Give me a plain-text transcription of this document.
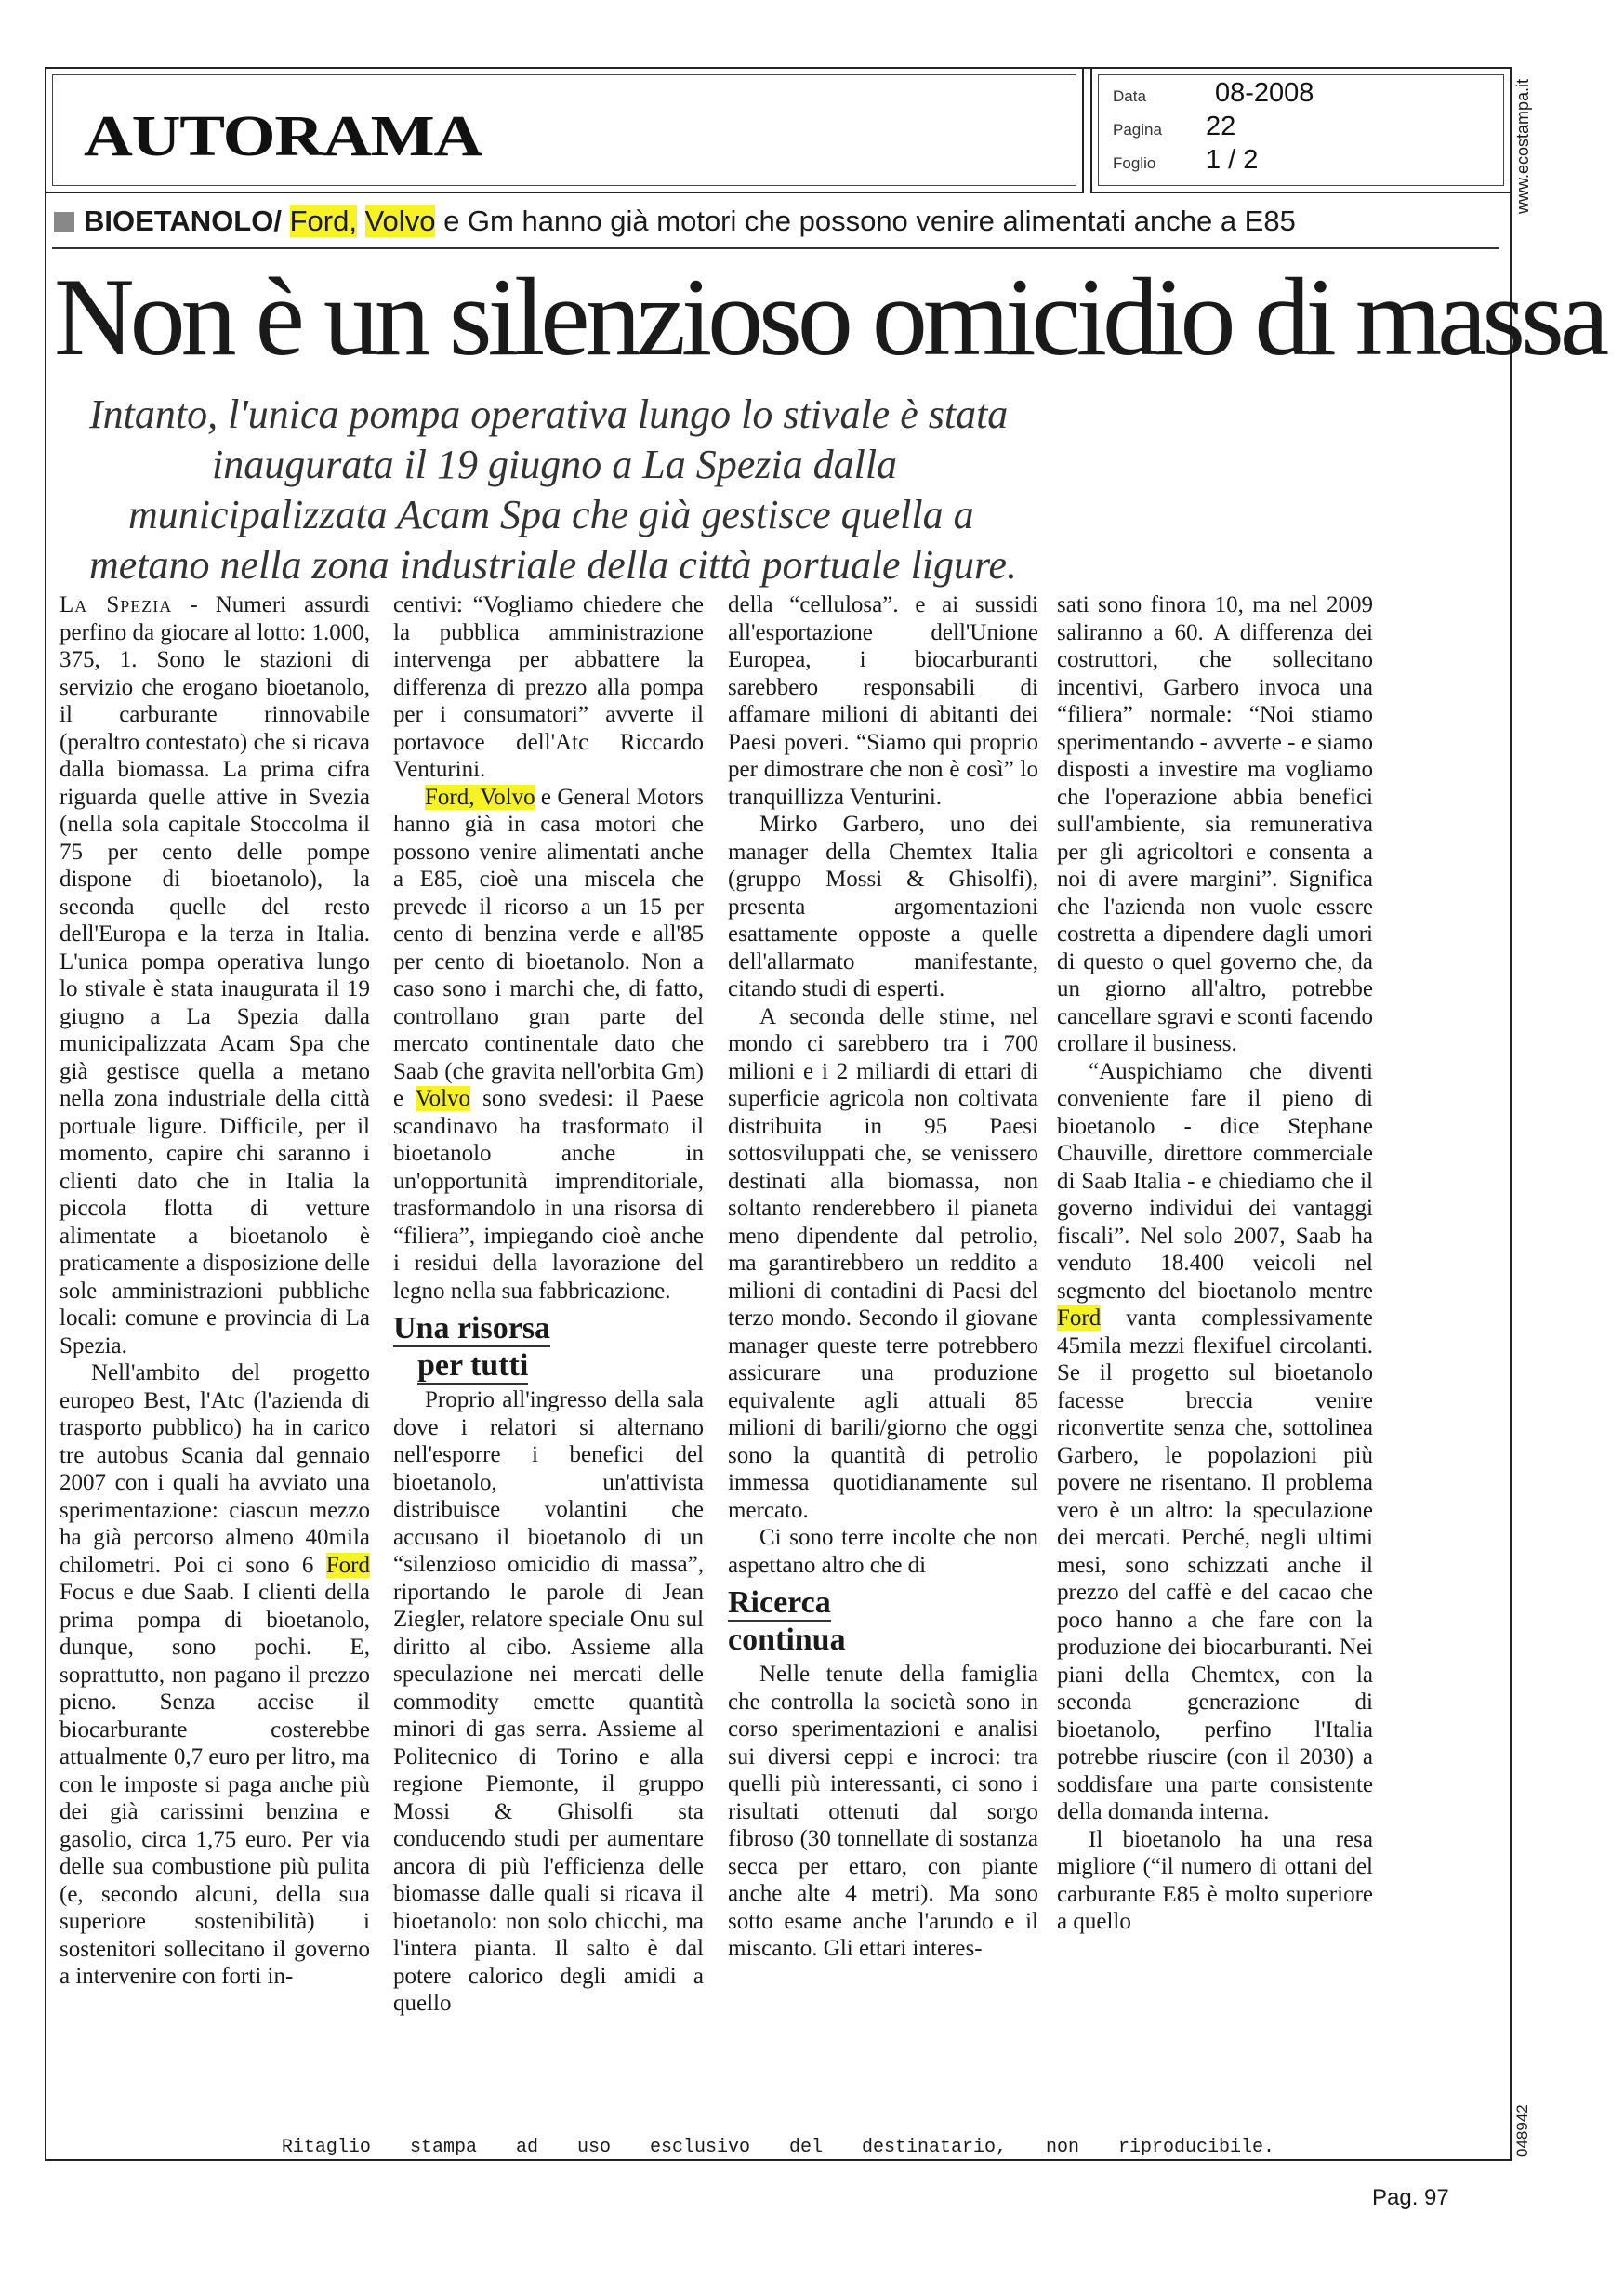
AUTORAMA
Data	08-2008
Pagina 22
Foglio 1 / 2
BIOETANOLO/ Ford, Volvo e Gm hanno già motori che possono venire alimentati anche a E85
Non è un silenzioso omicidio di massa
Intanto, l'unica pompa operativa lungo lo stivale è stata
inaugurata il 19 giugno a La Spezia dalla
municipalizzata Acam Spa che già gestisce quella a
metano nella zona industriale della città portuale ligure.

La Spezia - Numeri assurdi perfino da giocare al lotto: 1.000, 375, 1. Sono le stazioni di servizio che erogano bioetanolo, il carburante rinnovabile (peraltro contestato) che si ricava dalla biomassa. La prima cifra riguarda quelle attive in Svezia (nella sola capitale Stoccolma il 75 per cento delle pompe dispone di bioetanolo), la seconda quelle del resto dell'Europa e la terza in Italia. L'unica pompa operativa lungo lo stivale è stata inaugurata il 19 giugno a La Spezia dalla municipalizzata Acam Spa che già gestisce quella a metano nella zona industriale della città portuale ligure. Difficile, per il momento, capire chi saranno i clienti dato che in Italia la piccola flotta di vetture alimentate a bioetanolo è praticamente a disposizione delle sole amministrazioni pubbliche locali: comune e provincia di La Spezia.

Nell'ambito del progetto europeo Best, l'Atc (l'azienda di trasporto pubblico) ha in carico tre autobus Scania dal gennaio 2007 con i quali ha avviato una sperimentazione: ciascun mezzo ha già percorso almeno 40mila chilometri. Poi ci sono 6 Ford Focus e due Saab. I clienti della prima pompa di bioetanolo, dunque, sono pochi. E, soprattutto, non pagano il prezzo pieno. Senza accise il biocarburante costerebbe attualmente 0,7 euro per litro, ma con le imposte si paga anche più dei già carissimi benzina e gasolio, circa 1,75 euro. Per via delle sua combustione più pulita (e, secondo alcuni, della sua superiore sostenibilità) i sostenitori sollecitano il governo a intervenire con forti in-

centivi: “Vogliamo chiedere che la pubblica amministrazione intervenga per abbattere la differenza di prezzo alla pompa per i consumatori” avverte il portavoce dell'Atc Riccardo Venturini.

Ford, Volvo e General Motors hanno già in casa motori che possono venire alimentati anche a E85, cioè una miscela che prevede il ricorso a un 15 per cento di benzina verde e all'85 per cento di bioetanolo. Non a caso sono i marchi che, di fatto, controllano gran parte del mercato continentale dato che Saab (che gravita nell'orbita Gm) e Volvo sono svedesi: il Paese scandinavo ha trasformato il bioetanolo anche in un'opportunità imprenditoriale, trasformandolo in una risorsa di “filiera”, impiegando cioè anche i residui della lavorazione del legno nella sua fabbricazione.

Una risorsa
per tutti

Proprio all'ingresso della sala dove i relatori si alternano nell'esporre i benefici del bioetanolo, un'attivista distribuisce volantini che accusano il bioetanolo di un “silenzioso omicidio di massa”, riportando le parole di Jean Ziegler, relatore speciale Onu sul diritto al cibo. Assieme alla speculazione nei mercati delle commodity emette quantità minori di gas serra. Assieme al Politecnico di Torino e alla regione Piemonte, il gruppo Mossi & Ghisolfi sta conducendo studi per aumentare ancora di più l'efficienza delle biomasse dalle quali si ricava il bioetanolo: non solo chicchi, ma l'intera pianta. Il salto è dal potere calorico degli amidi a quello

della “cellulosa”. e ai sussidi all'esportazione dell'Unione Europea, i biocarburanti sarebbero responsabili di affamare milioni di abitanti dei Paesi poveri. “Siamo qui proprio per dimostrare che non è così” lo tranquillizza Venturini.

Mirko Garbero, uno dei manager della Chemtex Italia (gruppo Mossi & Ghisolfi), presenta argomentazioni esattamente opposte a quelle dell'allarmato manifestante, citando studi di esperti.

A seconda delle stime, nel mondo ci sarebbero tra i 700 milioni e i 2 miliardi di ettari di superficie agricola non coltivata distribuita in 95 Paesi sottosviluppati che, se venissero destinati alla biomassa, non soltanto renderebbero il pianeta meno dipendente dal petrolio, ma garantirebbero un reddito a milioni di contadini di Paesi del terzo mondo. Secondo il giovane manager queste terre potrebbero assicurare una produzione equivalente agli attuali 85 milioni di barili/giorno che oggi sono la quantità di petrolio immessa quotidianamente sul mercato.

Ci sono terre incolte che non aspettano altro che di

Ricerca
continua

Nelle tenute della famiglia che controlla la società sono in corso sperimentazioni e analisi sui diversi ceppi e incroci: tra quelli più interessanti, ci sono i risultati ottenuti dal sorgo fibroso (30 tonnellate di sostanza secca per ettaro, con piante anche alte 4 metri). Ma sono sotto esame anche l'arundo e il miscanto. Gli ettari interes-

sati sono finora 10, ma nel 2009 saliranno a 60. A differenza dei costruttori, che sollecitano incentivi, Garbero invoca una “filiera” normale: “Noi stiamo sperimentando - avverte - e siamo disposti a investire ma vogliamo che l'operazione abbia benefici sull'ambiente, sia remunerativa per gli agricoltori e consenta a noi di avere margini”. Significa che l'azienda non vuole essere costretta a dipendere dagli umori di questo o quel governo che, da un giorno all'altro, potrebbe cancellare sgravi e sconti facendo crollare il business.

“Auspichiamo che diventi conveniente fare il pieno di bioetanolo - dice Stephane Chauville, direttore commerciale di Saab Italia - e chiediamo che il governo individui dei vantaggi fiscali”. Nel solo 2007, Saab ha venduto 18.400 veicoli nel segmento del bioetanolo mentre Ford vanta complessivamente 45mila mezzi flexifuel circolanti. Se il progetto sul bioetanolo facesse breccia venire riconvertite senza che, sottolinea Garbero, le popolazioni più povere ne risentano. Il problema vero è un altro: la speculazione dei mercati. Perché, negli ultimi mesi, sono schizzati anche il prezzo del caffè e del cacao che poco hanno a che fare con la produzione dei biocarburanti. Nei piani della Chemtex, con la seconda generazione di bioetanolo, perfino l'Italia potrebbe riuscire (con il 2030) a soddisfare una parte consistente della domanda interna.

Il bioetanolo ha una resa migliore (“il numero di ottani del carburante E85 è molto superiore a quello

www.ecostampa.it
048942
Ritaglio stampa ad uso esclusivo del destinatario, non riproducibile.
Pag. 97
